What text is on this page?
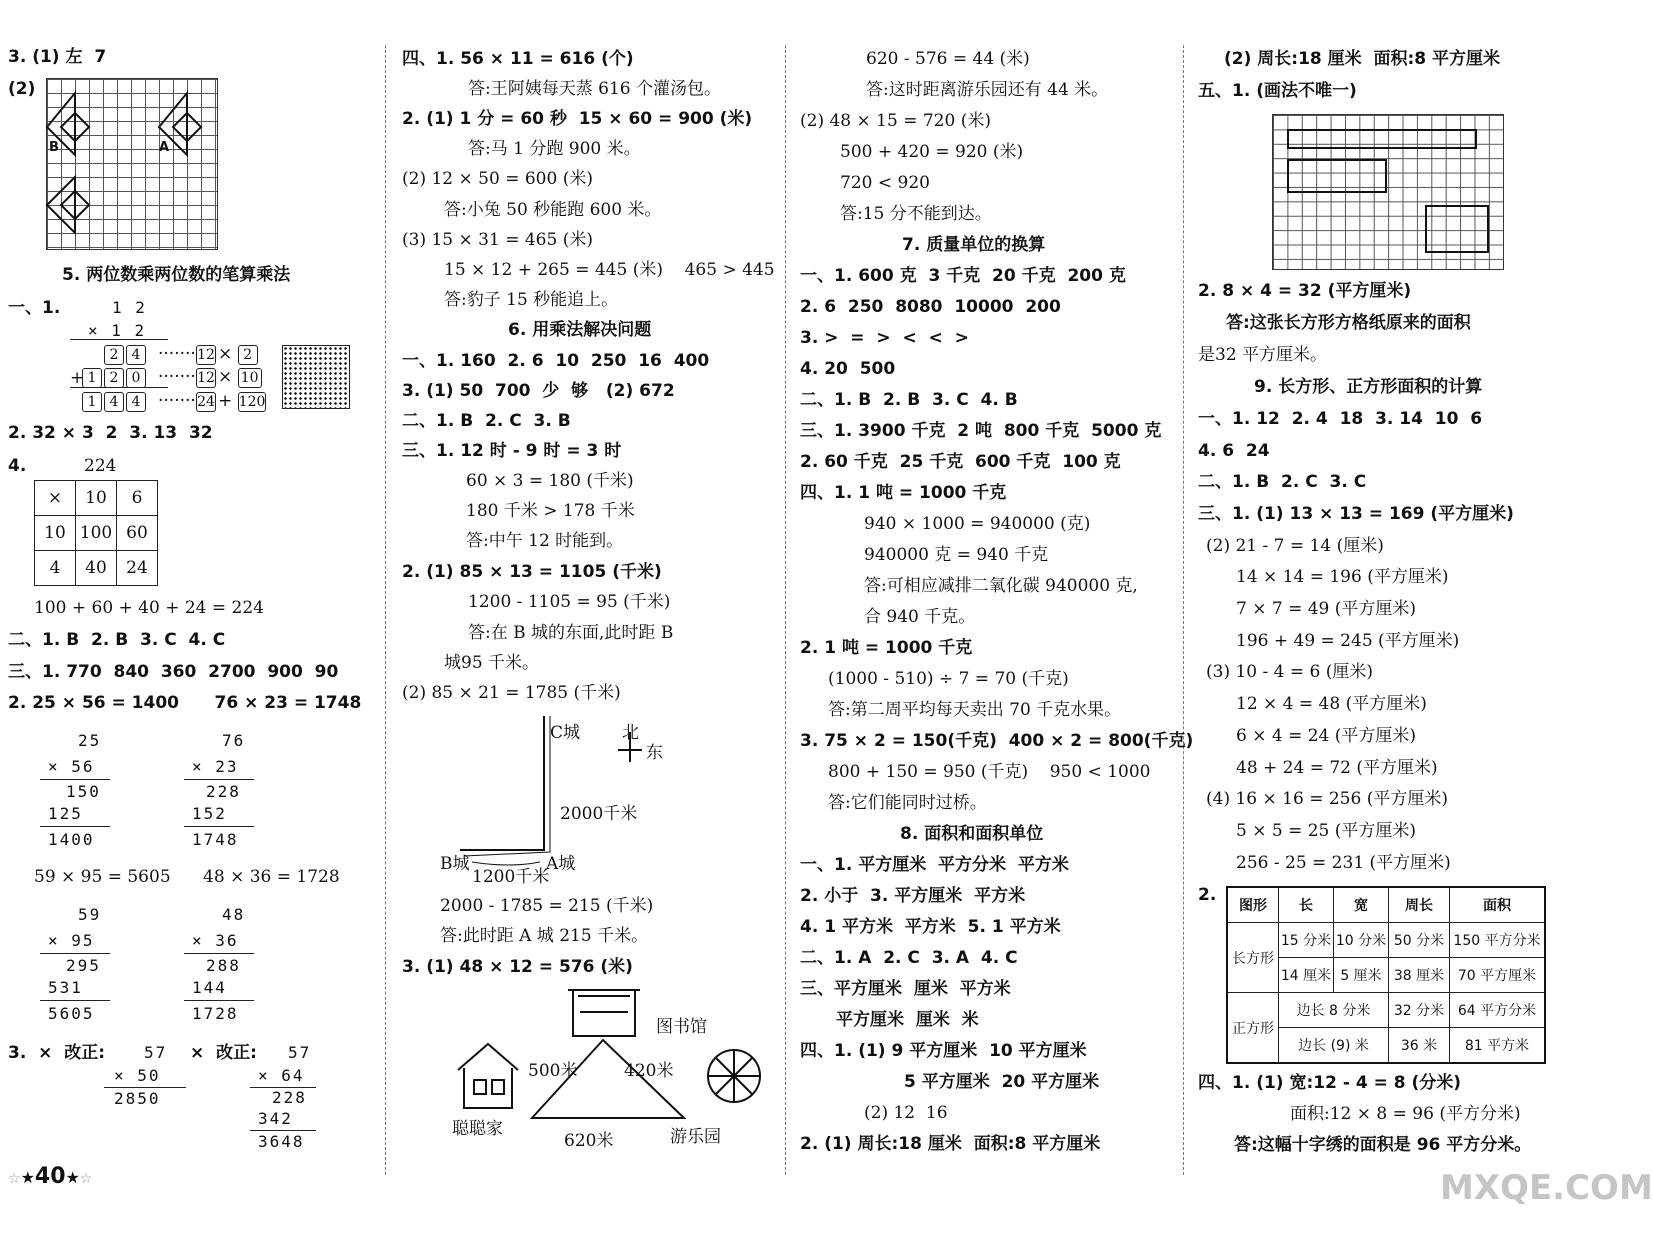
3. (1) 左  7
(2)
B	A
5. 两位数乘两位数的笔算乘法
一、1.	1 2
× 1 2
2 4
+ 1 2 0
1 4 4
·······
·······
·······
12 × 2
12 × 10
24 + 120
2. 32 × 3  2  3. 13  32
4.	224
×	10	6
10	100	60
4	40	24
100 + 60 + 40 + 24 = 224
二、1. B  2. B  3. C  4. C
三、1. 770  840  360  2700  900  90
2. 25 × 56 = 1400      76 × 23 = 1748
25
× 56
150
125
1400
76
× 23
228
152
1748
59 × 95 = 5605      48 × 36 = 1728
59
× 95
295
531
5605
48
× 36
288
144
1728
3.  ×  改正:	×  改正:
57
× 50
2850
57
× 64
228
342
3648
☆★40★☆
四、1. 56 × 11 = 616 (个)
答:王阿姨每天蒸 616 个灌汤包。
2. (1) 1 分 = 60 秒  15 × 60 = 900 (米)
答:马 1 分跑 900 米。
(2) 12 × 50 = 600 (米)
答:小兔 50 秒能跑 600 米。
(3) 15 × 31 = 465 (米)
15 × 12 + 265 = 445 (米)    465 > 445
答:豹子 15 秒能追上。
6. 用乘法解决问题
一、1. 160  2. 6  10  250  16  400
3. (1) 50  700  少  够   (2) 672
二、1. B  2. C  3. B
三、1. 12 时 - 9 时 = 3 时
60 × 3 = 180 (千米)
180 千米 > 178 千米
答:中午 12 时能到。
2. (1) 85 × 13 = 1105 (千米)
1200 - 1105 = 95 (千米)
答:在 B 城的东面,此时距 B
城95 千米。
(2) 85 × 21 = 1785 (千米)
C城 北
东
2000千米
B城	A城
1200千米
2000 - 1785 = 215 (千米)
答:此时距 A 城 215 千米。
3. (1) 48 × 12 = 576 (米)
图书馆
500米	420米
聪聪家	游乐园
620米
620 - 576 = 44 (米)
答:这时距离游乐园还有 44 米。
(2) 48 × 15 = 720 (米)
500 + 420 = 920 (米)
720 < 920
答:15 分不能到达。
7. 质量单位的换算
一、1. 600 克  3 千克  20 千克  200 克
2. 6  250  8080  10000  200
3. >  =  >  <  <  >
4. 20  500
二、1. B  2. B  3. C  4. B
三、1. 3900 千克  2 吨  800 千克  5000 克
2. 60 千克  25 千克  600 千克  100 克
四、1. 1 吨 = 1000 千克
940 × 1000 = 940000 (克)
940000 克 = 940 千克
答:可相应减排二氧化碳 940000 克,
合 940 千克。
2. 1 吨 = 1000 千克
(1000 - 510) ÷ 7 = 70 (千克)
答:第二周平均每天卖出 70 千克水果。
3. 75 × 2 = 150(千克)  400 × 2 = 800(千克)
800 + 150 = 950 (千克)    950 < 1000
答:它们能同时过桥。
8. 面积和面积单位
一、1. 平方厘米  平方分米  平方米
2. 小于  3. 平方厘米  平方米
4. 1 平方米  平方米  5. 1 平方米
二、1. A  2. C  3. A  4. C
三、平方厘米  厘米  平方米
平方厘米  厘米  米
四、1. (1) 9 平方厘米  10 平方厘米
5 平方厘米  20 平方厘米
(2) 12  16
2. (1) 周长:18 厘米  面积:8 平方厘米
(2) 周长:18 厘米  面积:8 平方厘米
五、1. (画法不唯一)
2. 8 × 4 = 32 (平方厘米)
答:这张长方形方格纸原来的面积
是32 平方厘米。
9. 长方形、正方形面积的计算
一、1. 12  2. 4  18  3. 14  10  6
4. 6  24
二、1. B  2. C  3. C
三、1. (1) 13 × 13 = 169 (平方厘米)
(2) 21 - 7 = 14 (厘米)
14 × 14 = 196 (平方厘米)
7 × 7 = 49 (平方厘米)
196 + 49 = 245 (平方厘米)
(3) 10 - 4 = 6 (厘米)
12 × 4 = 48 (平方厘米)
6 × 4 = 24 (平方厘米)
48 + 24 = 72 (平方厘米)
(4) 16 × 16 = 256 (平方厘米)
5 × 5 = 25 (平方厘米)
256 - 25 = 231 (平方厘米)
2.
图形	长	宽	周长	面积
长方形	15 分米	10 分米	50 分米	150 平方分米
	14 厘米	5 厘米	38 厘米	70 平方厘米
正方形	边长 8 分米		32 分米	64 平方分米
	边长 (9) 米		36 米	81 平方米
四、1. (1) 宽:12 - 4 = 8 (分米)
面积:12 × 8 = 96 (平方分米)
答:这幅十字绣的面积是 96 平方分米。
MXQE.COM
